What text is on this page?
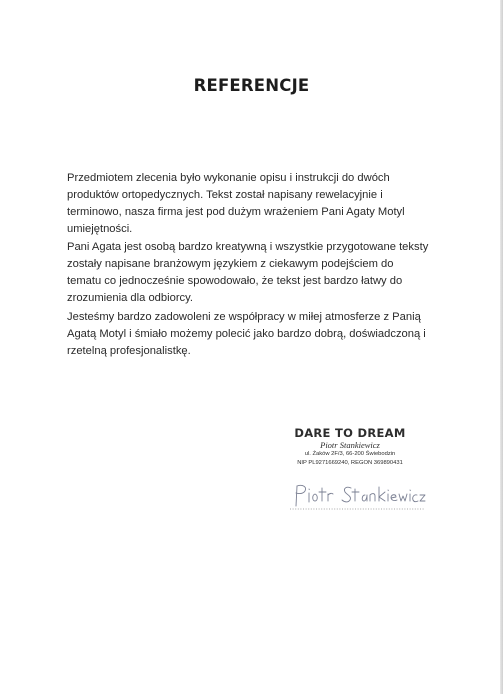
REFERENCJE
Przedmiotem zlecenia było wykonanie opisu i instrukcji do dwóch
produktów ortopedycznych. Tekst został napisany rewelacyjnie i
terminowo, nasza firma jest pod dużym wrażeniem Pani Agaty Motyl
umiejętności.
Pani Agata jest osobą bardzo kreatywną i wszystkie przygotowane teksty
zostały napisane branżowym językiem z ciekawym podejściem do
tematu co jednocześnie spowodowało, że tekst jest bardzo łatwy do
zrozumienia dla odbiorcy.
Jesteśmy bardzo zadowoleni ze współpracy w miłej atmosferze z Panią
Agatą Motyl i śmiało możemy polecić jako bardzo dobrą, doświadczoną i
rzetelną profesjonalistkę.
DARE TO DREAM
Piotr Stankiewicz
ul. Żaków 2F/3, 66-200 Świebodzin
NIP PL9271669240, REGON 369890431
